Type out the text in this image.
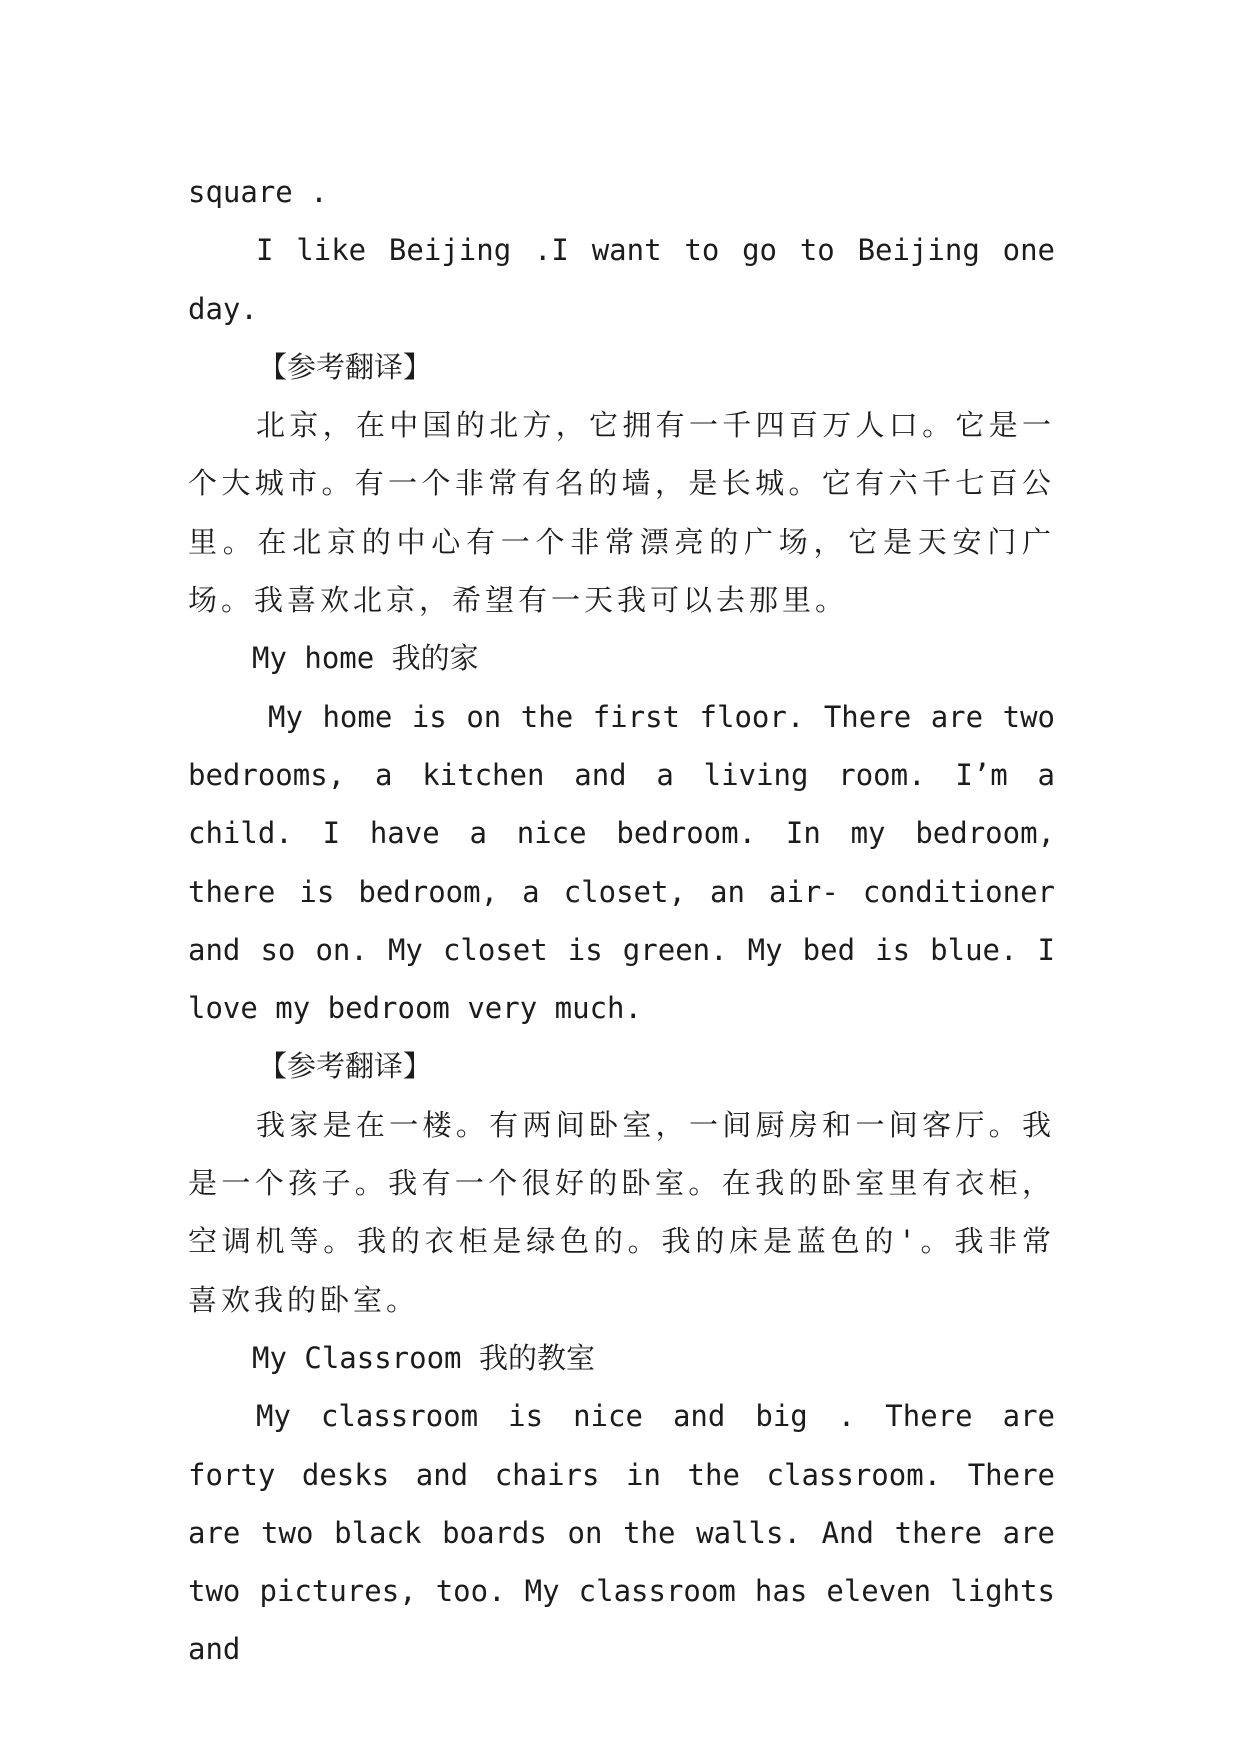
square .

I like Beijing .I want to go to Beijing one day.

【参考翻译】

北京，在中国的北方，它拥有一千四百万人口。它是一个大城市。有一个非常有名的墙，是长城。它有六千七百公里。在北京的中心有一个非常漂亮的广场，它是天安门广场。我喜欢北京，希望有一天我可以去那里。

My home 我的家

My home is on the first floor. There are two bedrooms, a kitchen and a living room. I’m a child. I have a nice bedroom. In my bedroom, there is bedroom, a closet, an air- conditioner and so on. My closet is green. My bed is blue. I love my bedroom very much.

【参考翻译】

我家是在一楼。有两间卧室，一间厨房和一间客厅。我是一个孩子。我有一个很好的卧室。在我的卧室里有衣柜，空调机等。我的衣柜是绿色的。我的床是蓝色的'。我非常喜欢我的卧室。

My Classroom 我的教室

My classroom is nice and big . There are forty desks and chairs in the classroom. There are two black boards on the walls. And there are two pictures, too. My classroom has eleven lights and
